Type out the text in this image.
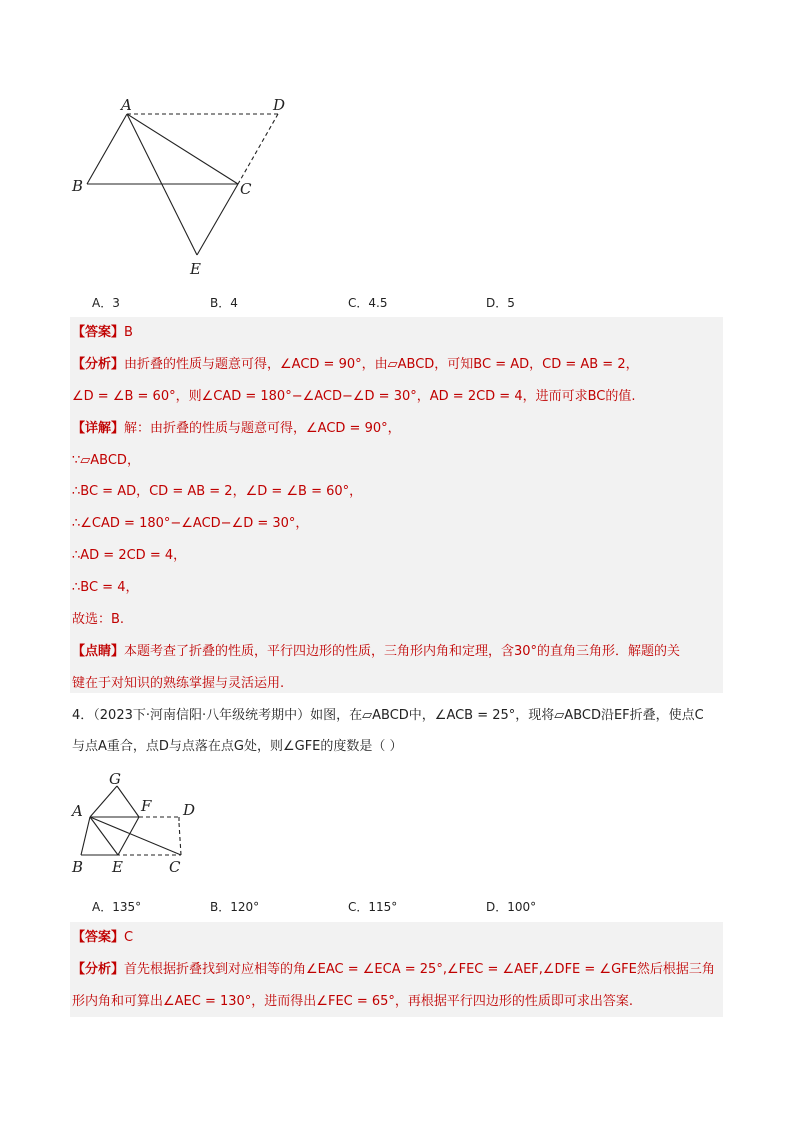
A	D
B	C
E
A．3	B．4	C．4.5	D．5
【答案】B
【分析】由折叠的性质与题意可得，∠ACD = 90°，由▱ABCD，可知BC = AD，CD = AB = 2，
∠D = ∠B = 60°，则∠CAD = 180°−∠ACD−∠D = 30°，AD = 2CD = 4，进而可求BC的值.
【详解】解：由折叠的性质与题意可得，∠ACD = 90°，
∵▱ABCD，
∴BC = AD，CD = AB = 2，∠D = ∠B = 60°，
∴∠CAD = 180°−∠ACD−∠D = 30°，
∴AD = 2CD = 4，
∴BC = 4，
故选：B.
【点睛】本题考查了折叠的性质，平行四边形的性质，三角形内角和定理，含30°的直角三角形．解题的关
键在于对知识的熟练掌握与灵活运用.
4．（2023下·河南信阳·八年级统考期中）如图，在▱ABCD中，∠ACB = 25°，现将▱ABCD沿EF折叠，使点C
与点A重合，点D与点落在点G处，则∠GFE的度数是（ ）
G
F D
A
B E	C
A．135°	B．120°	C．115°	D．100°
【答案】C
【分析】首先根据折叠找到对应相等的角∠EAC = ∠ECA = 25°,∠FEC = ∠AEF,∠DFE = ∠GFE然后根据三角
形内角和可算出∠AEC = 130°，进而得出∠FEC = 65°，再根据平行四边形的性质即可求出答案.
